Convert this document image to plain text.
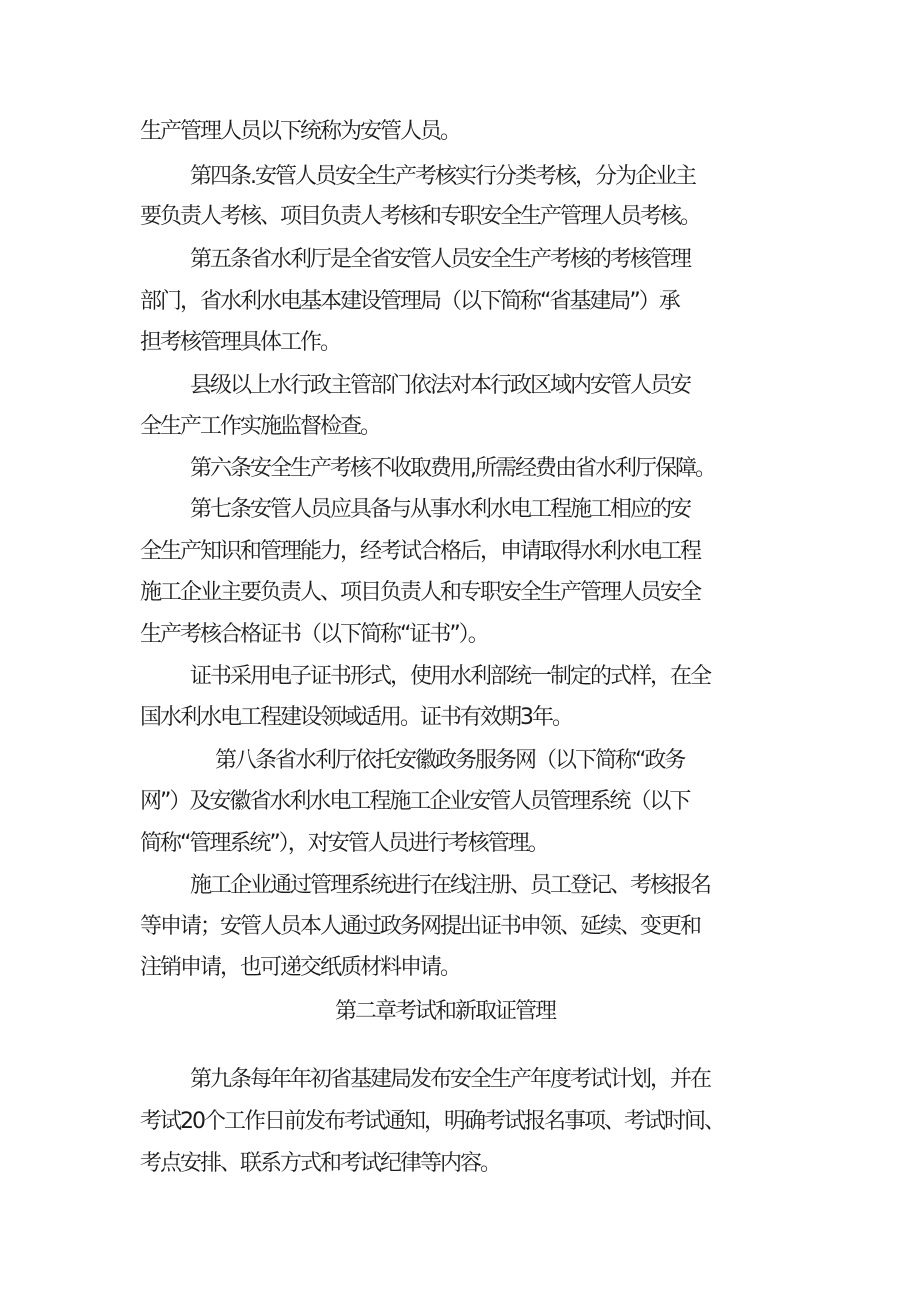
生产管理人员以下统称为安管人员。
第四条.安管人员安全生产考核实行分类考核，分为企业主
要负责人考核、项目负责人考核和专职安全生产管理人员考核。
第五条省水利厅是全省安管人员安全生产考核的考核管理
部门，省水利水电基本建设管理局（以下简称“省基建局”）承
担考核管理具体工作。
县级以上水行政主管部门依法对本行政区域内安管人员安
全生产工作实施监督检查。
第六条安全生产考核不收取费用,所需经费由省水利厅保障。
第七条安管人员应具备与从事水利水电工程施工相应的安
全生产知识和管理能力，经考试合格后，申请取得水利水电工程
施工企业主要负责人、项目负责人和专职安全生产管理人员安全
生产考核合格证书（以下简称“证书”）。
证书采用电子证书形式，使用水利部统一制定的式样，在全
国水利水电工程建设领域适用。证书有效期3年。
第八条省水利厅依托安徽政务服务网（以下简称“政务
网”）及安徽省水利水电工程施工企业安管人员管理系统（以下
简称“管理系统”），对安管人员进行考核管理。
施工企业通过管理系统进行在线注册、员工登记、考核报名
等申请；安管人员本人通过政务网提出证书申领、延续、变更和
注销申请，也可递交纸质材料申请。
第二章考试和新取证管理
第九条每年年初省基建局发布安全生产年度考试计划，并在
考试20个工作日前发布考试通知，明确考试报名事项、考试时间、
考点安排、联系方式和考试纪律等内容。
